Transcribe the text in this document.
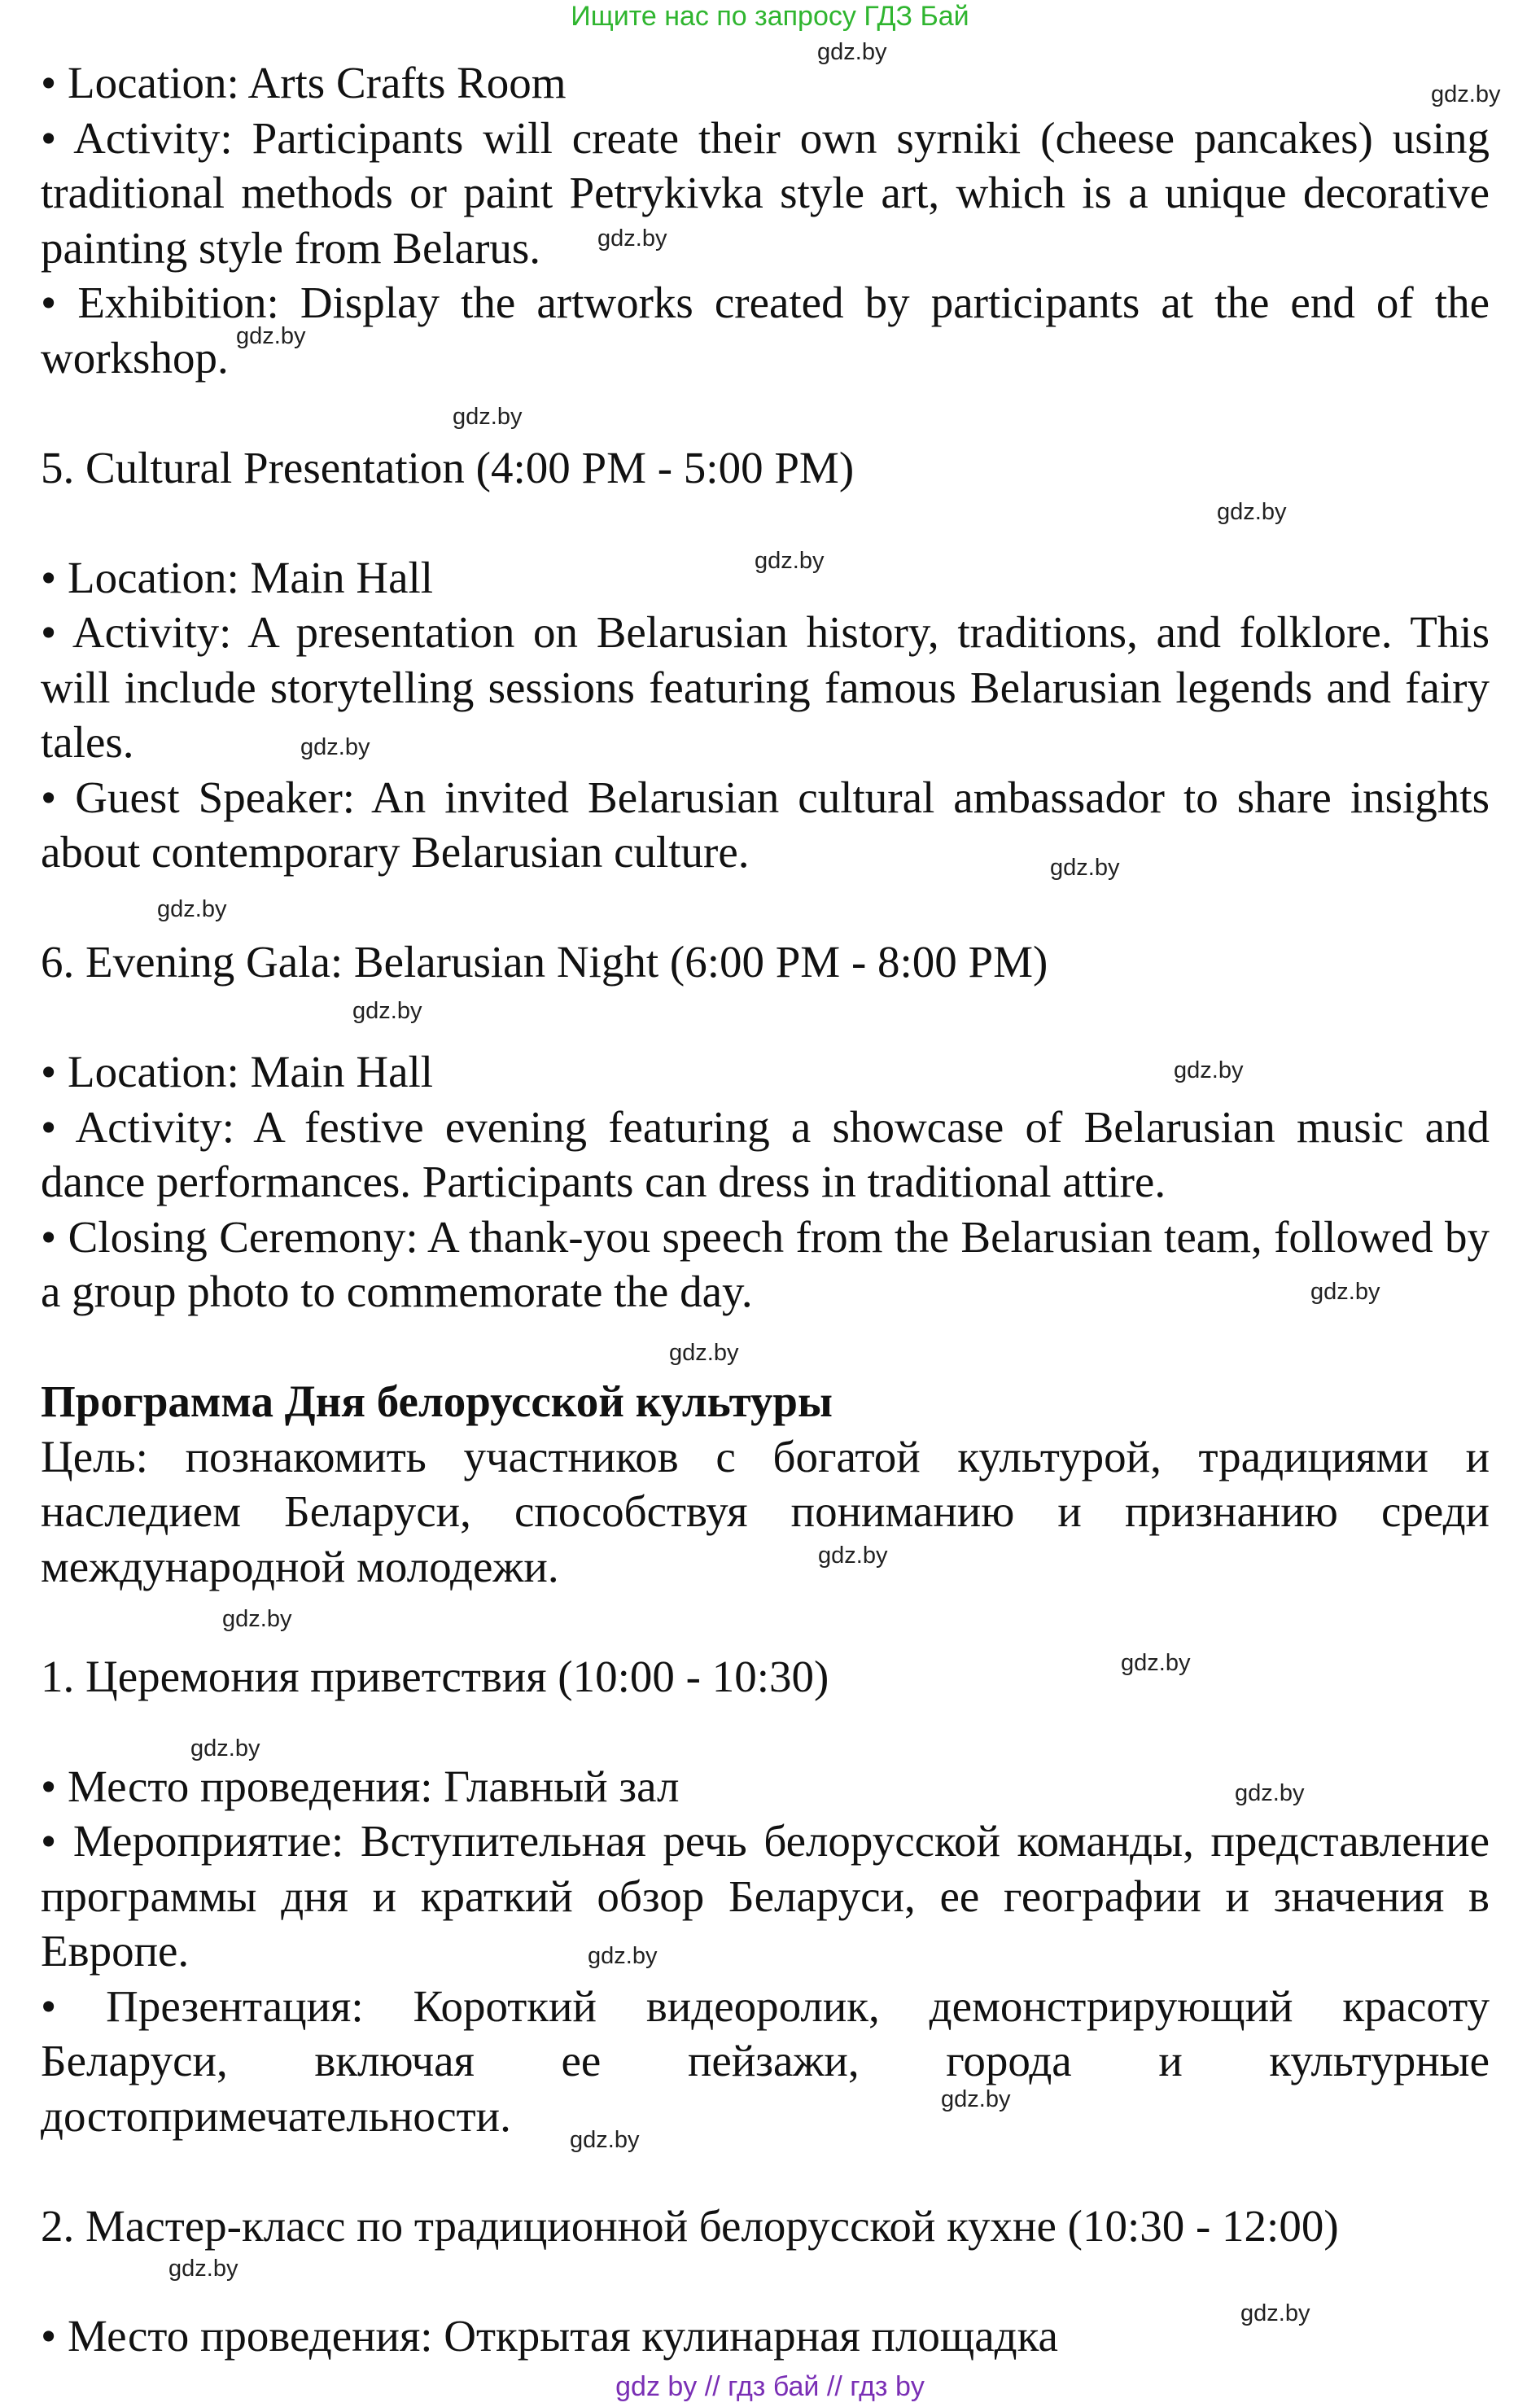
Ищите нас по запросу ГДЗ Бай

• Location: Arts Crafts Room

• Activity: Participants will create their own syrniki (cheese pancakes) using traditional methods or paint Petrykivka style art, which is a unique decorative painting style from Belarus.

• Exhibition: Display the artworks created by participants at the end of the workshop.

5. Cultural Presentation (4:00 PM - 5:00 PM)

• Location: Main Hall

• Activity: A presentation on Belarusian history, traditions, and folklore. This will include storytelling sessions featuring famous Belarusian legends and fairy tales.

• Guest Speaker: An invited Belarusian cultural ambassador to share insights about contemporary Belarusian culture.

6. Evening Gala: Belarusian Night (6:00 PM - 8:00 PM)

• Location: Main Hall

• Activity: A festive evening featuring a showcase of Belarusian music and dance performances. Participants can dress in traditional attire.

• Closing Ceremony: A thank-you speech from the Belarusian team, followed by a group photo to commemorate the day.

Программа Дня белорусской культуры

Цель: познакомить участников с богатой культурой, традициями и наследием Беларуси, способствуя пониманию и признанию среди международной молодежи.

1. Церемония приветствия (10:00 - 10:30)

• Место проведения: Главный зал

• Мероприятие: Вступительная речь белорусской команды, представление программы дня и краткий обзор Беларуси, ее географии и значения в Европе.

• Презентация: Короткий видеоролик, демонстрирующий красоту Беларуси, включая ее пейзажи, города и культурные достопримечательности.

2. Мастер-класс по традиционной белорусской кухне (10:30 - 12:00)

• Место проведения: Открытая кулинарная площадка

gdz.by
gdz.by
gdz.by
gdz.by
gdz.by
gdz.by
gdz.by
gdz.by
gdz.by
gdz.by
gdz.by
gdz.by
gdz.by
gdz.by
gdz.by
gdz.by
gdz.by
gdz.by
gdz.by
gdz.by
gdz.by
gdz.by
gdz.by
gdz.by
gdz by // гдз бай // гдз by
